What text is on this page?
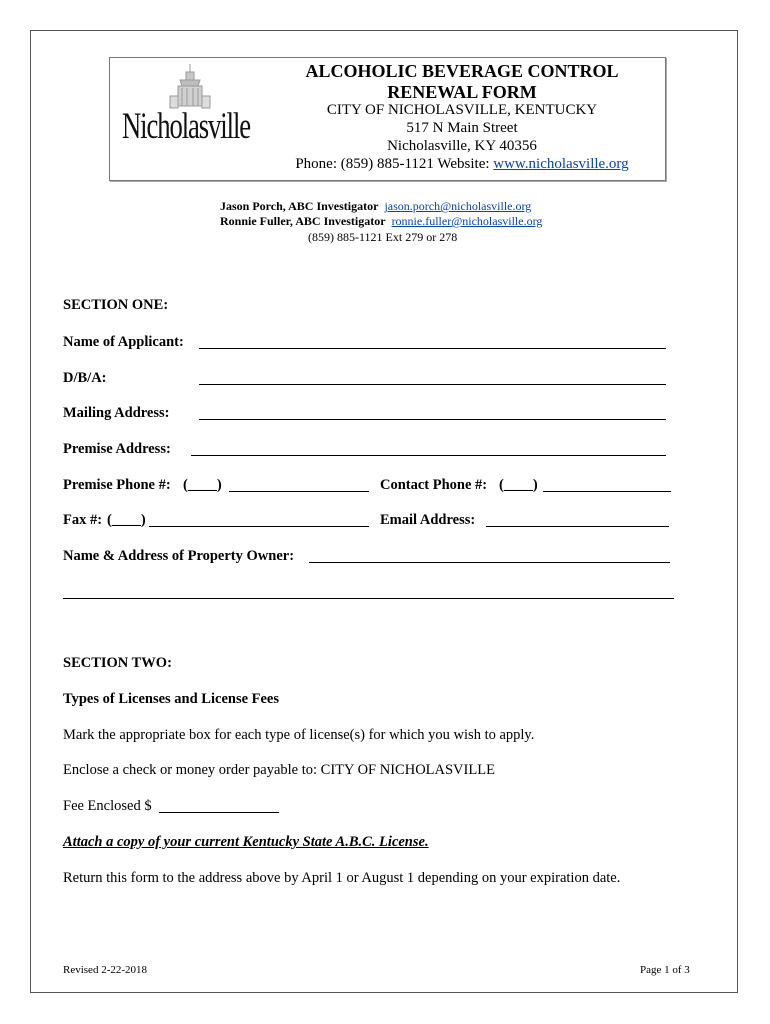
Nicholasville
ALCOHOLIC BEVERAGE CONTROL
RENEWAL FORM
CITY OF NICHOLASVILLE, KENTUCKY
517 N Main Street
Nicholasville, KY 40356
Phone: (859) 885-1121 Website: www.nicholasville.org
Jason Porch, ABC Investigator jason.porch@nicholasville.org
Ronnie Fuller, ABC Investigator ronnie.fuller@nicholasville.org
(859) 885-1121 Ext 279 or 278
SECTION ONE:
Name of Applicant:
D/B/A:
Mailing Address:
Premise Address:
Premise Phone #: (____)	Contact Phone #: (____)
Fax #: (____)	Email Address:
Name & Address of Property Owner:
SECTION TWO:
Types of Licenses and License Fees
Mark the appropriate box for each type of license(s) for which you wish to apply.
Enclose a check or money order payable to: CITY OF NICHOLASVILLE
Fee Enclosed $
Attach a copy of your current Kentucky State A.B.C. License.
Return this form to the address above by April 1 or August 1 depending on your expiration date.
Revised 2-22-2018	Page 1 of 3
